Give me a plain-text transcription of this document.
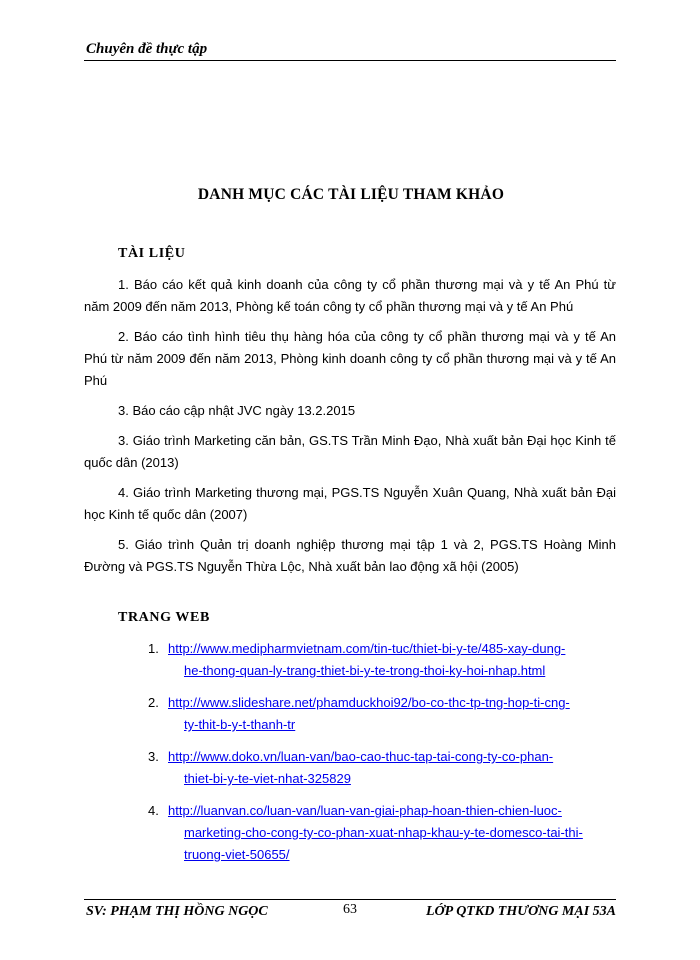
Chuyên đề thực tập

DANH MỤC CÁC TÀI LIỆU THAM KHẢO
TÀI LIỆU

1. Báo cáo kết quả kinh doanh của công ty cổ phần thương mại và y tế An Phú từ năm 2009 đến năm 2013, Phòng kế toán công ty cổ phần thương mại và y tế An Phú

2. Báo cáo tình hình tiêu thụ hàng hóa của công ty cổ phần thương mại và y tế An Phú từ năm 2009 đến năm 2013, Phòng kinh doanh công ty cổ phần thương mại và y tế An Phú

3. Báo cáo cập nhật JVC ngày 13.2.2015

3. Giáo trình Marketing căn bản, GS.TS Trần Minh Đạo, Nhà xuất bản Đại học Kinh tế quốc dân (2013)

4. Giáo trình Marketing thương mại, PGS.TS Nguyễn Xuân Quang, Nhà xuất bản Đại học Kinh tế quốc dân (2007)

5. Giáo trình Quản trị doanh nghiệp thương mại tập 1 và 2, PGS.TS Hoàng Minh Đường và PGS.TS Nguyễn Thừa Lộc, Nhà xuất bản lao động xã hội (2005)

TRANG WEB
1. http://www.medipharmvietnam.com/tin-tuc/thiet-bi-y-te/485-xay-dung-
he-thong-quan-ly-trang-thiet-bi-y-te-trong-thoi-ky-hoi-nhap.html
2. http://www.slideshare.net/phamduckhoi92/bo-co-thc-tp-tng-hop-ti-cng-
ty-thit-b-y-t-thanh-tr
3. http://www.doko.vn/luan-van/bao-cao-thuc-tap-tai-cong-ty-co-phan-
thiet-bi-y-te-viet-nhat-325829
4. http://luanvan.co/luan-van/luan-van-giai-phap-hoan-thien-chien-luoc-
marketing-cho-cong-ty-co-phan-xuat-nhap-khau-y-te-domesco-tai-thi-
truong-viet-50655/

SV: PHẠM THỊ HỒNG NGỌC	63	LỚP QTKD THƯƠNG MẠI 53A
